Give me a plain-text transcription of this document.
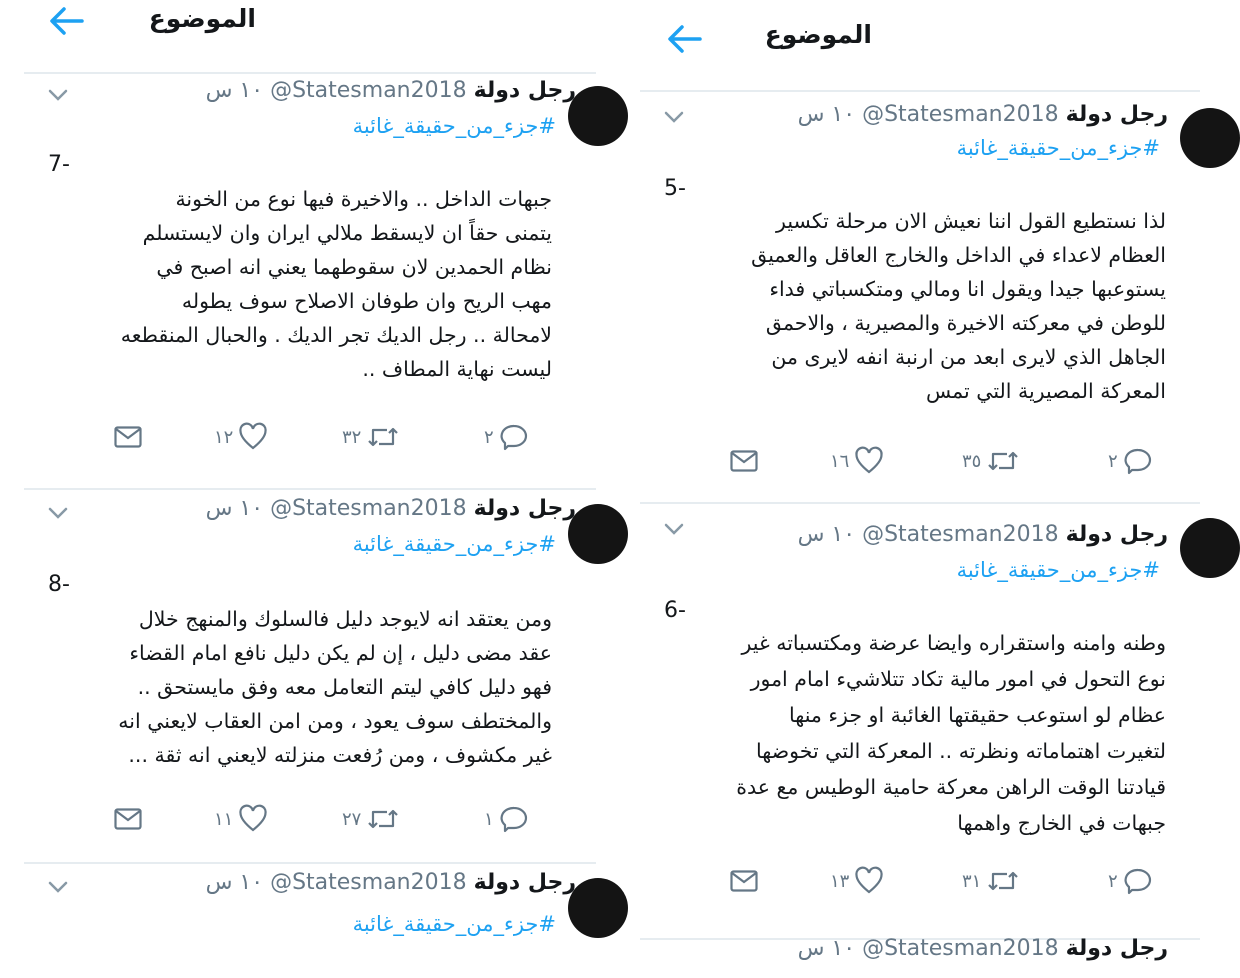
الموضوع
رجل دولة @Statesman2018 ١٠ س
#جزء_من_حقيقة_غائبة
7-
جبهات الداخل .. والاخيرة فيها نوع من الخونة
يتمنى حقاً ان لايسقط ملالي ايران وان لايستسلم
نظام الحمدين لان سقوطهما يعني انه اصبح في
مهب الريح وان طوفان الاصلاح سوف يطوله
لامحالة .. رجل الديك تجر الديك . والحبال المنقطعه
ليست نهاية المطاف ..
١٢	٣٢	٢
رجل دولة @Statesman2018 ١٠ س
#جزء_من_حقيقة_غائبة
8-
ومن يعتقد انه لايوجد دليل فالسلوك والمنهج خلال
عقد مضى دليل ، إن لم يكن دليل نافع امام القضاء
فهو دليل كافي ليتم التعامل معه وفق مايستحق ..
والمختطف سوف يعود ، ومن امن العقاب لايعني انه
غير مكشوف ، ومن رُفعت منزلته لايعني انه ثقة ...
١١	٢٧	١
رجل دولة @Statesman2018 ١٠ س
#جزء_من_حقيقة_غائبة
الموضوع
رجل دولة @Statesman2018 ١٠ س
#جزء_من_حقيقة_غائبة
5-
لذا نستطيع القول اننا نعيش الان مرحلة تكسير
العظام لاعداء في الداخل والخارج العاقل والعميق
يستوعبها جيدا ويقول انا ومالي ومتكسباتي فداء
للوطن في معركته الاخيرة والمصيرية ، والاحمق
الجاهل الذي لايرى ابعد من ارنبة انفه لايرى من
المعركة المصيرية التي تمس
١٦	٣٥	٢
رجل دولة @Statesman2018 ١٠ س
#جزء_من_حقيقة_غائبة
6-
وطنه وامنه واستقراره وايضا عرضة ومكتسباته غير
نوع التحول في امور مالية تكاد تتلاشيء امام امور
عظام لو استوعب حقيقتها الغائبة او جزء منها
لتغيرت اهتماماته ونظرته .. المعركة التي تخوضها
قيادتنا الوقت الراهن معركة حامية الوطيس مع عدة
جبهات في الخارج واهمها
١٣	٣١	٢
رجل دولة @Statesman2018 ١٠ س
